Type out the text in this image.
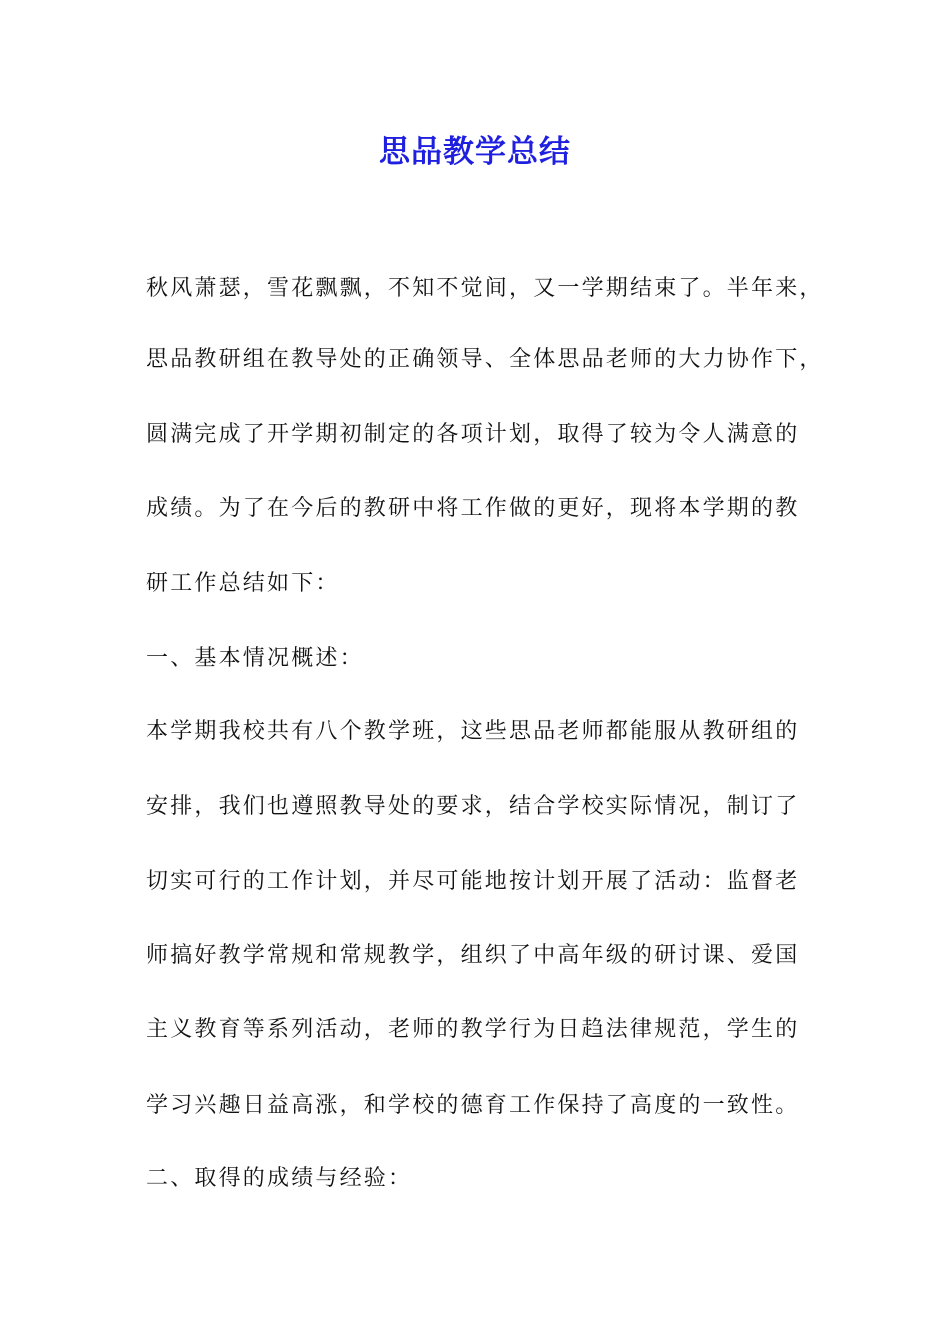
思品教学总结
秋风萧瑟，雪花飘飘，不知不觉间，又一学期结束了。半年来，
思品教研组在教导处的正确领导、全体思品老师的大力协作下，
圆满完成了开学期初制定的各项计划，取得了较为令人满意的
成绩。为了在今后的教研中将工作做的更好，现将本学期的教
研工作总结如下：
一、基本情况概述：
本学期我校共有八个教学班，这些思品老师都能服从教研组的
安排，我们也遵照教导处的要求，结合学校实际情况，制订了
切实可行的工作计划，并尽可能地按计划开展了活动：监督老
师搞好教学常规和常规教学，组织了中高年级的研讨课、爱国
主义教育等系列活动，老师的教学行为日趋法律规范，学生的
学习兴趣日益高涨，和学校的德育工作保持了高度的一致性。
二、取得的成绩与经验：
